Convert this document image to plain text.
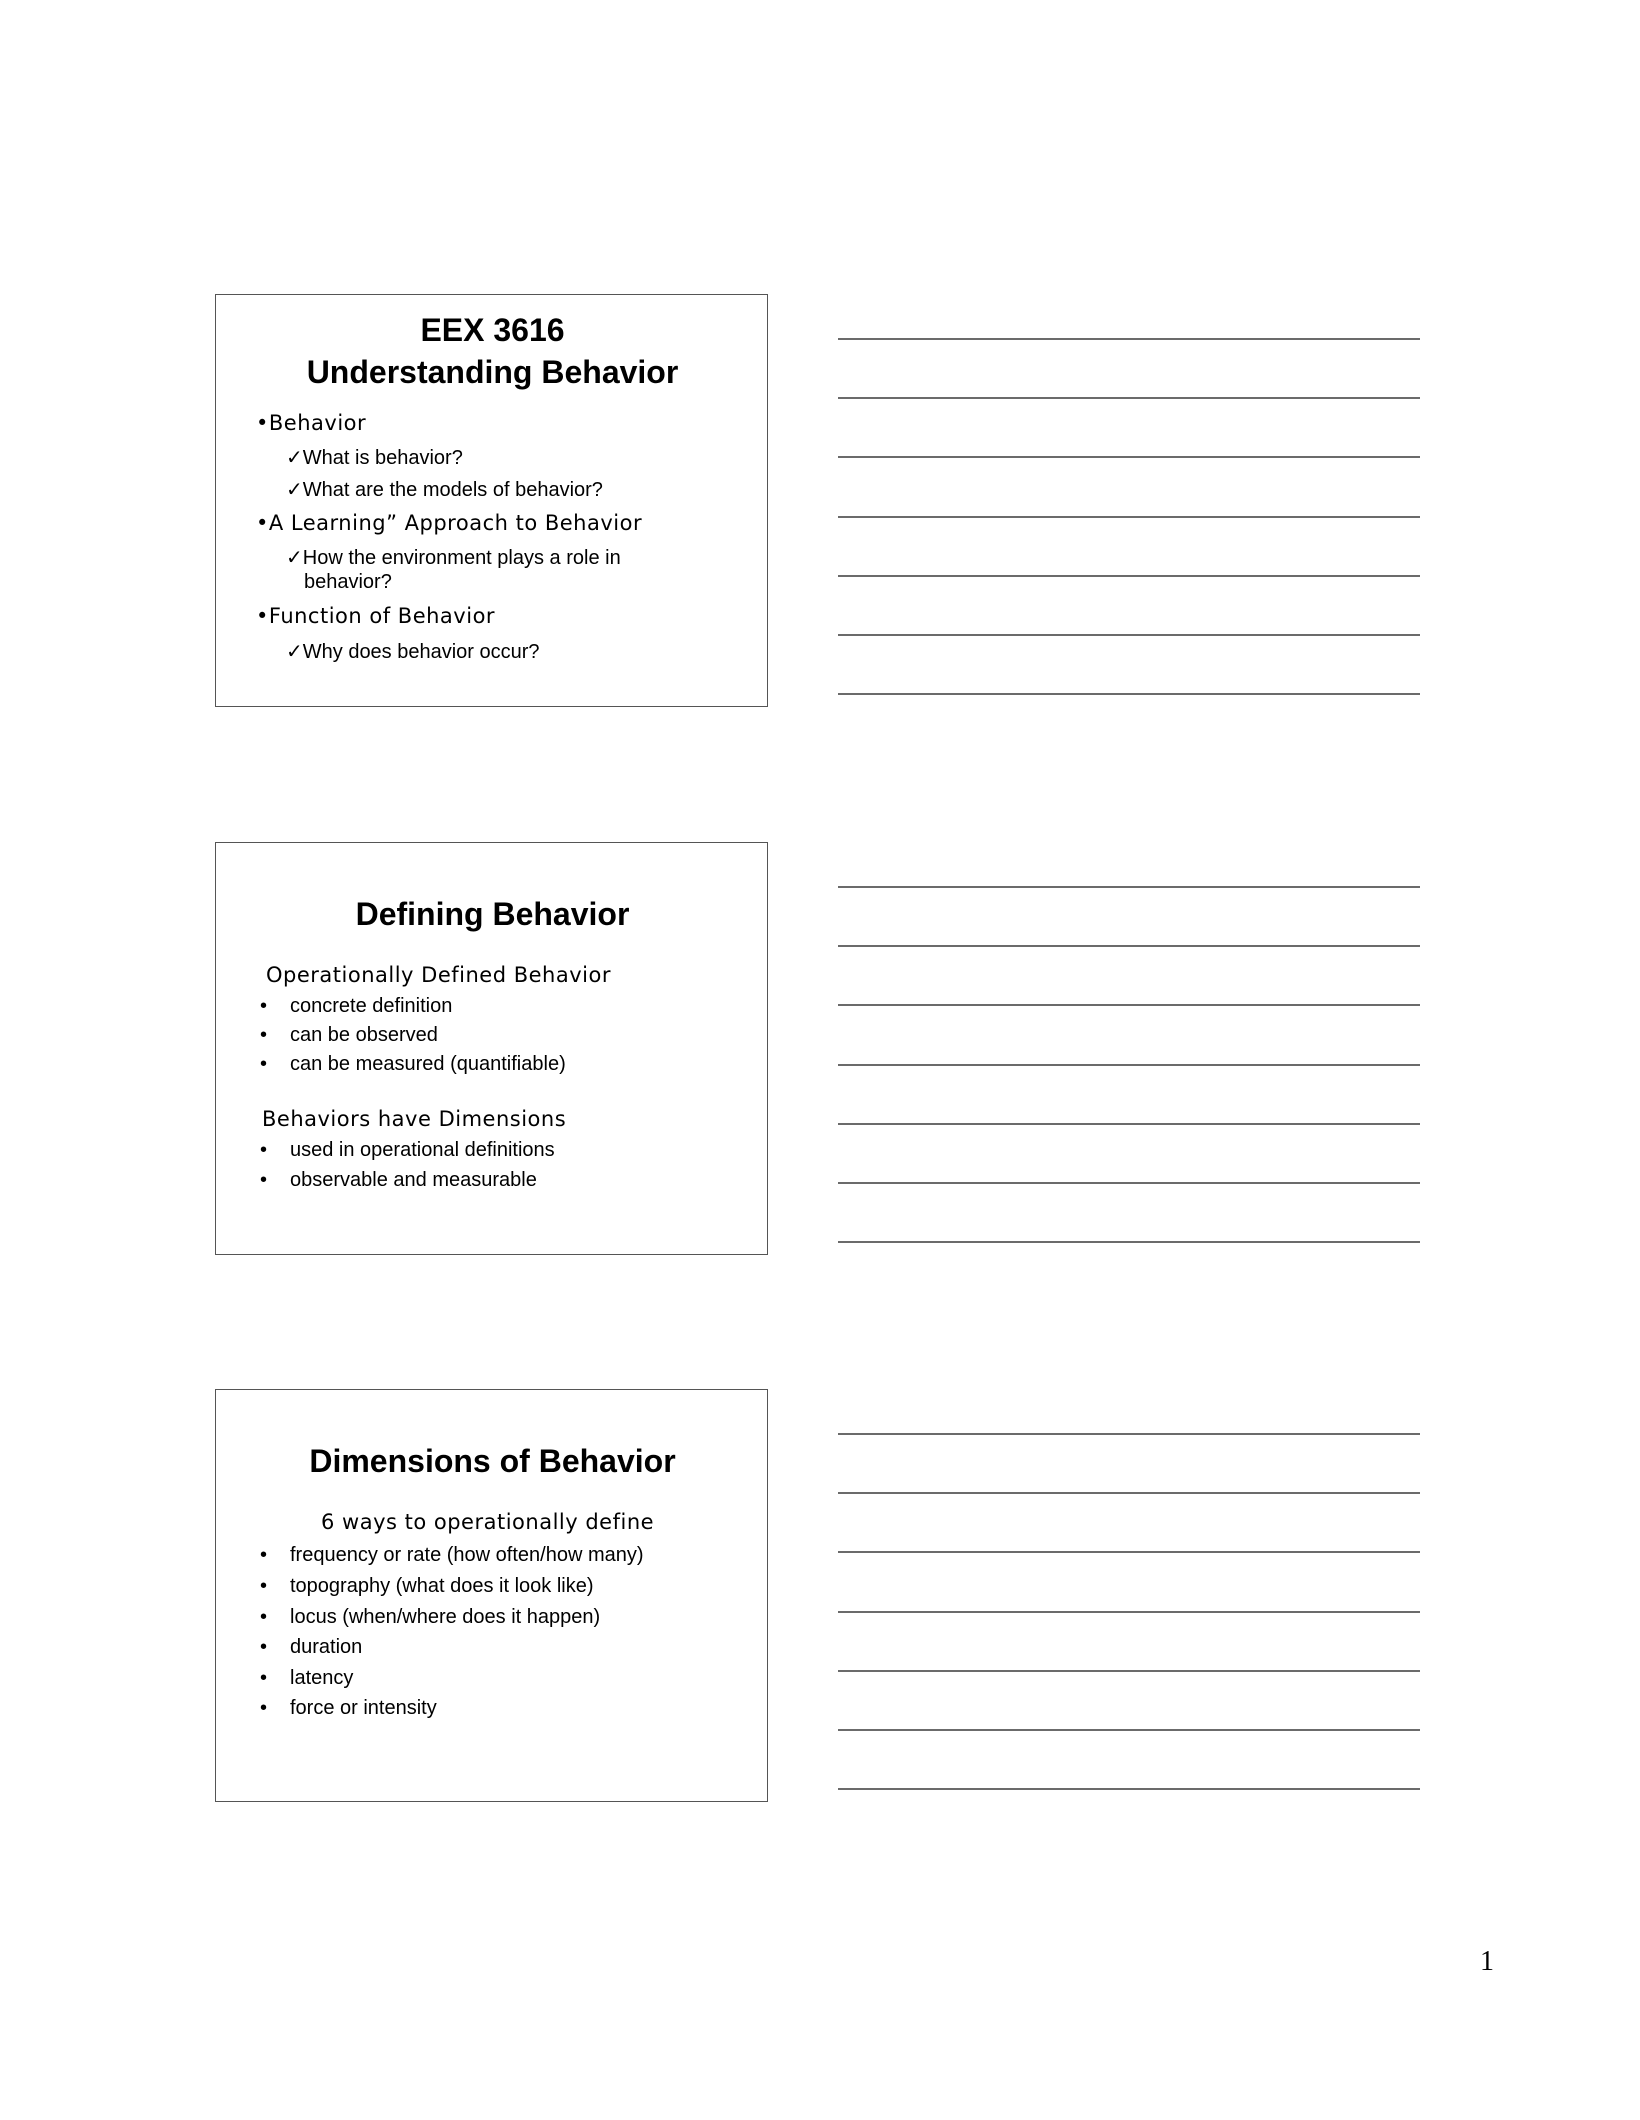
EEX 3616
Understanding Behavior
•Behavior
✓What is behavior?
✓What are the models of behavior?
•A Learning” Approach to Behavior
✓How the environment plays a role in
behavior?
•Function of Behavior
✓Why does behavior occur?
Defining Behavior
Operationally Defined Behavior
• concrete definition
• can be observed
• can be measured (quantifiable)
Behaviors have Dimensions
• used in operational definitions
• observable and measurable
Dimensions of Behavior
6 ways to operationally define
• frequency or rate (how often/how many)
• topography (what does it look like)
• locus (when/where does it happen)
• duration
• latency
• force or intensity
1
